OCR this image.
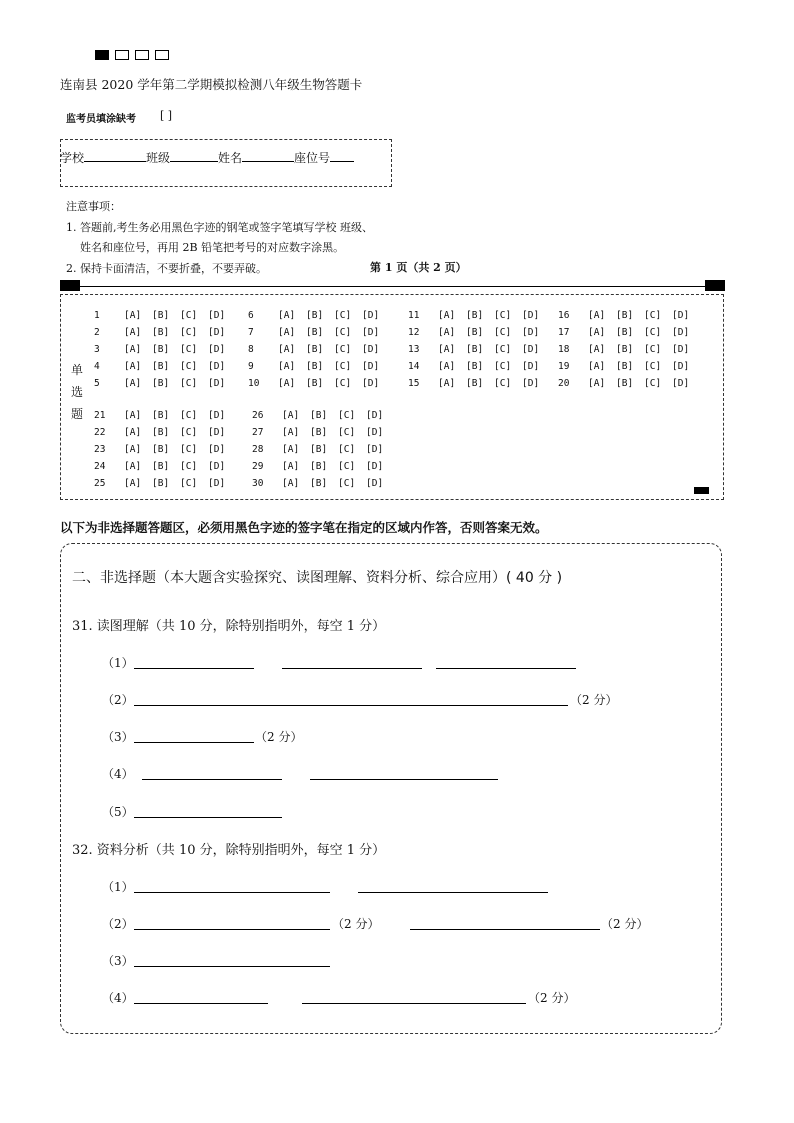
连南县 2020 学年第二学期模拟检测八年级生物答题卡
监考员填涂缺考 [ ]
学校	班级	姓名	座位号
注意事项：
1. 答题前,考生务必用黑色字迹的钢笔或签字笔填写学校 班级、
姓名和座位号，再用 2B 铅笔把考号的对应数字涂黑。
2. 保持卡面清洁，不要折叠，不要弄破。	第 1 页（共 2 页）
单
选
题
1	[A] [B] [C] [D]
2	[A] [B] [C] [D]
3	[A] [B] [C] [D]
4	[A] [B] [C] [D]
5	[A] [B] [C] [D]
6	[A] [B] [C] [D]
7	[A] [B] [C] [D]
8	[A] [B] [C] [D]
9	[A] [B] [C] [D]
10 [A] [B] [C] [D]
11 [A] [B] [C] [D]
12 [A] [B] [C] [D]
13 [A] [B] [C] [D]
14 [A] [B] [C] [D]
15 [A] [B] [C] [D]
16 [A] [B] [C] [D]
17 [A] [B] [C] [D]
18 [A] [B] [C] [D]
19 [A] [B] [C] [D]
20 [A] [B] [C] [D]
21 [A] [B] [C] [D]
22 [A] [B] [C] [D]
23 [A] [B] [C] [D]
24 [A] [B] [C] [D]
25 [A] [B] [C] [D]
26 [A] [B] [C] [D]
27 [A] [B] [C] [D]
28 [A] [B] [C] [D]
29 [A] [B] [C] [D]
30 [A] [B] [C] [D]
以下为非选择题答题区，必须用黑色字迹的签字笔在指定的区域内作答，否则答案无效。
二、非选择题（本大题含实验探究、读图理解、资料分析、综合应用）( 40 分 )
31. 读图理解（共 10 分，除特别指明外，每空 1 分）
（1）
（2）	（2 分）
（3）	（2 分）
（4）
（5）
32. 资料分析（共 10 分，除特别指明外，每空 1 分）
（1）
（2）	（2 分）	（2 分）
（3）
（4）	（2 分）
